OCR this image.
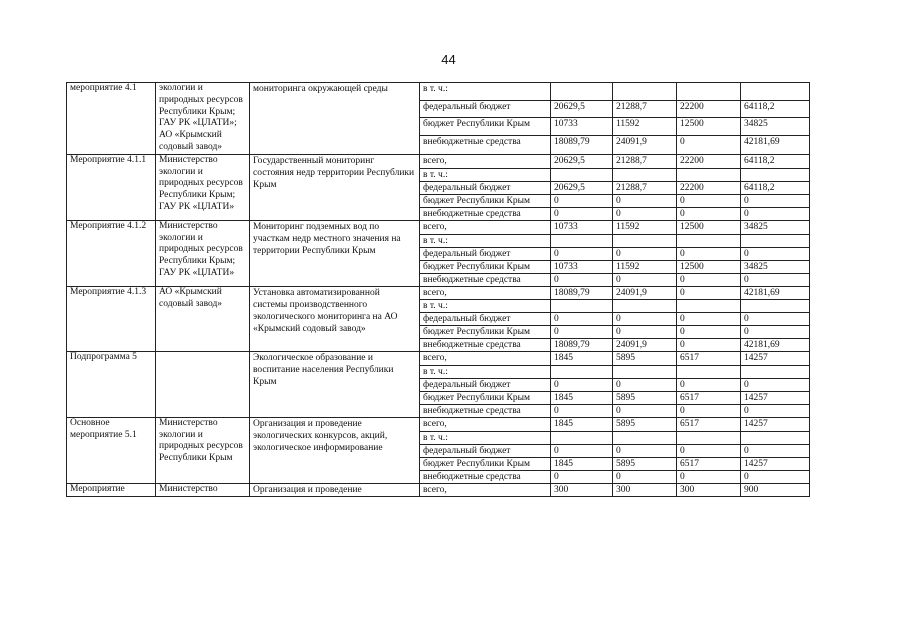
44
мероприятие 4.1	экологии и природных ресурсов Республики Крым; ГАУ РК «ЦЛАТИ»; АО «Крымский содовый завод»	мониторинга окружающей среды	в т. ч.:				
			федеральный бюджет	20629,5	21288,7	22200	64118,2
			бюджет Республики Крым	10733	11592	12500	34825
			внебюджетные средства	18089,79	24091,9	0	42181,69
Мероприятие 4.1.1	Министерство экологии и природных ресурсов Республики Крым; ГАУ РК «ЦЛАТИ»	Государственный мониторинг состояния недр территории Республики Крым	всего,	20629,5	21288,7	22200	64118,2
			в т. ч.:				
			федеральный бюджет	20629,5	21288,7	22200	64118,2
			бюджет Республики Крым	0	0	0	0
			внебюджетные средства	0	0	0	0
Мероприятие 4.1.2	Министерство экологии и природных ресурсов Республики Крым; ГАУ РК «ЦЛАТИ»	Мониторинг подземных вод по участкам недр местного значения на территории Республики Крым	всего,	10733	11592	12500	34825
			в т. ч.:				
			федеральный бюджет	0	0	0	0
			бюджет Республики Крым	10733	11592	12500	34825
			внебюджетные средства	0	0	0	0
Мероприятие 4.1.3	АО «Крымский содовый завод»	Установка автоматизированной системы производственного экологического мониторинга на АО «Крымский содовый завод»	всего,	18089,79	24091,9	0	42181,69
			в т. ч.:				
			федеральный бюджет	0	0	0	0
			бюджет Республики Крым	0	0	0	0
			внебюджетные средства	18089,79	24091,9	0	42181,69
Подпрограмма 5		Экологическое образование и воспитание населения Республики Крым	всего,	1845	5895	6517	14257
			в т. ч.:				
			федеральный бюджет	0	0	0	0
			бюджет Республики Крым	1845	5895	6517	14257
			внебюджетные средства	0	0	0	0
Основное мероприятие 5.1	Министерство экологии и природных ресурсов Республики Крым	Организация и проведение экологических конкурсов, акций, экологическое информирование	всего,	1845	5895	6517	14257
			в т. ч.:				
			федеральный бюджет	0	0	0	0
			бюджет Республики Крым	1845	5895	6517	14257
			внебюджетные средства	0	0	0	0
Мероприятие	Министерство	Организация и проведение	всего,	300	300	300	900
